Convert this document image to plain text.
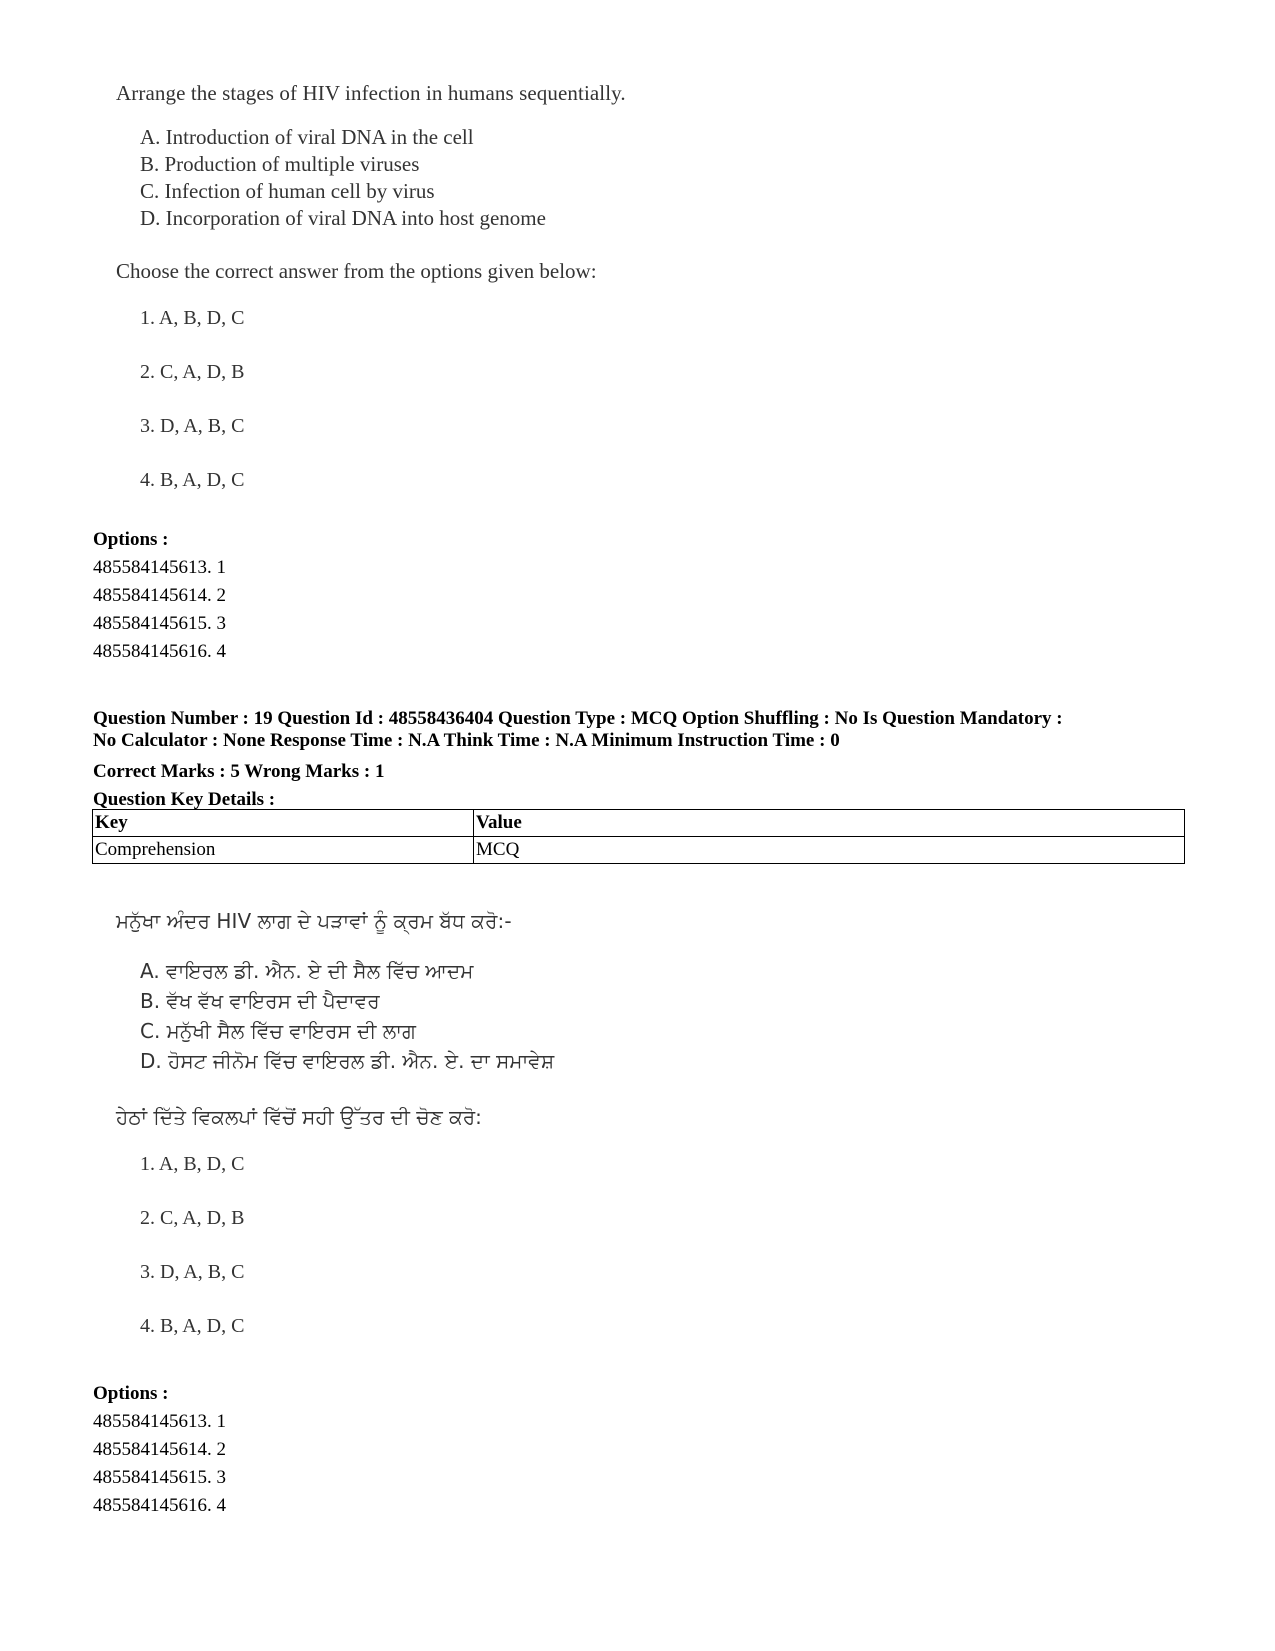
Arrange the stages of HIV infection in humans sequentially.

A. Introduction of viral DNA in the cell
B. Production of multiple viruses
C. Infection of human cell by virus
D. Incorporation of viral DNA into host genome

Choose the correct answer from the options given below:

1. A, B, D, C
2. C, A, D, B
3. D, A, B, C
4. B, A, D, C
Options :
485584145613. 1
485584145614. 2
485584145615. 3
485584145616. 4
Question Number : 19 Question Id : 48558436404 Question Type : MCQ Option Shuffling : No Is Question Mandatory :
No Calculator : None Response Time : N.A Think Time : N.A Minimum Instruction Time : 0
Correct Marks : 5 Wrong Marks : 1
Question Key Details :
Key	Value
Comprehension	MCQ

ਮਨੁੱਖਾ ਅੰਦਰ HIV ਲਾਗ ਦੇ ਪੜਾਵਾਂ ਨੂੰ ਕ੍ਰਮ ਬੱਧ ਕਰੋ:-

A. ਵਾਇਰਲ ਡੀ. ਐਨ. ਏ ਦੀ ਸੈਲ ਵਿੱਚ ਆਦਮ
B. ਵੱਖ ਵੱਖ ਵਾਇਰਸ ਦੀ ਪੈਦਾਵਰ
C. ਮਨੁੱਖੀ ਸੈਲ ਵਿੱਚ ਵਾਇਰਸ ਦੀ ਲਾਗ
D. ਹੋਸਟ ਜੀਨੋਮ ਵਿੱਚ ਵਾਇਰਲ ਡੀ. ਐਨ. ਏ. ਦਾ ਸਮਾਵੇਸ਼

ਹੇਠਾਂ ਦਿੱਤੇ ਵਿਕਲਪਾਂ ਵਿੱਚੋਂ ਸਹੀ ਉੱਤਰ ਦੀ ਚੋਣ ਕਰੋ:

1. A, B, D, C
2. C, A, D, B
3. D, A, B, C
4. B, A, D, C
Options :
485584145613. 1
485584145614. 2
485584145615. 3
485584145616. 4
